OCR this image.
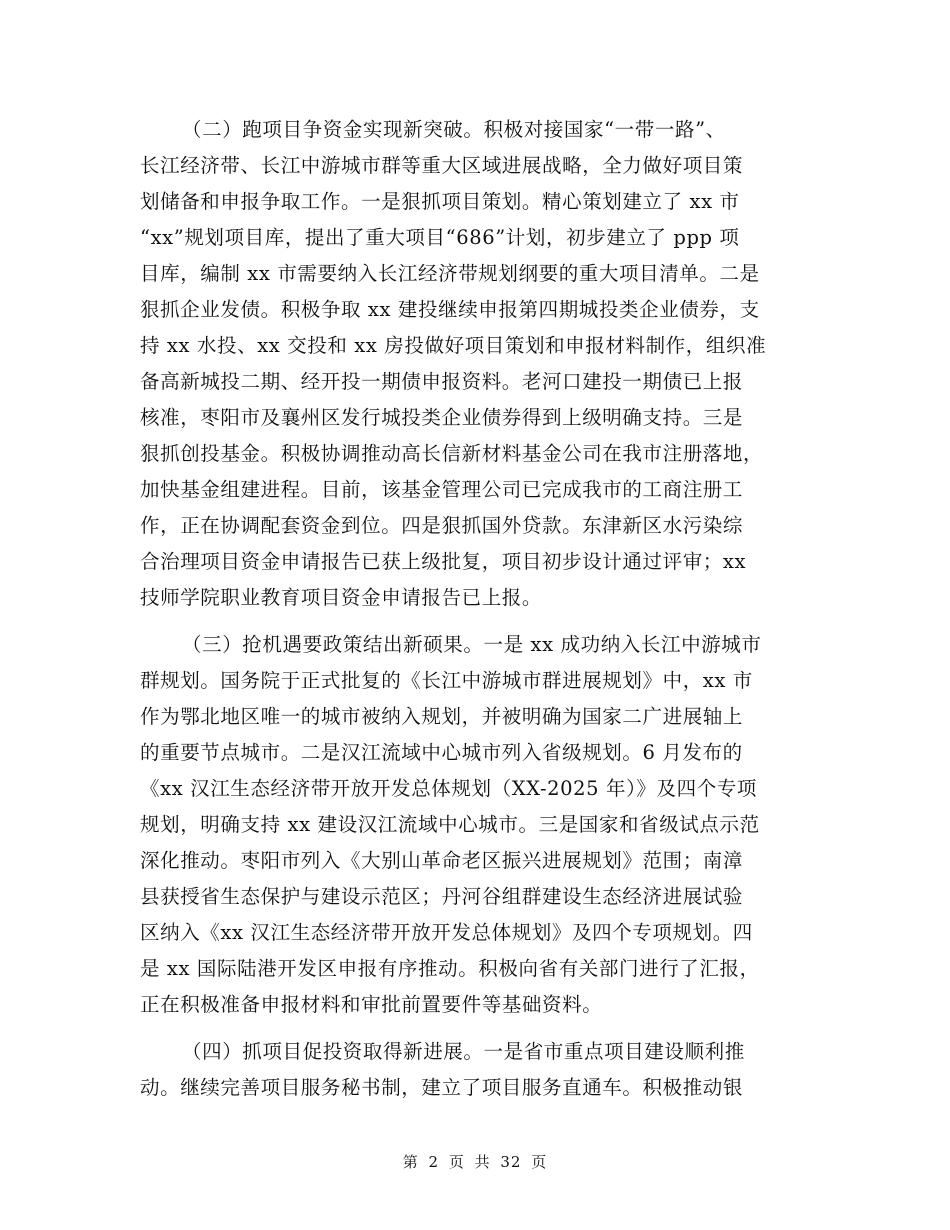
（二）跑项目争资金实现新突破。积极对接国家“一带一路”、
长江经济带、长江中游城市群等重大区域进展战略，全力做好项目策
划储备和申报争取工作。一是狠抓项目策划。精心策划建立了 xx 市
“xx”规划项目库，提出了重大项目“686”计划，初步建立了 ppp 项
目库，编制 xx 市需要纳入长江经济带规划纲要的重大项目清单。二是
狠抓企业发债。积极争取 xx 建投继续申报第四期城投类企业债券，支
持 xx 水投、xx 交投和 xx 房投做好项目策划和申报材料制作，组织准
备高新城投二期、经开投一期债申报资料。老河口建投一期债已上报
核准，枣阳市及襄州区发行城投类企业债券得到上级明确支持。三是
狠抓创投基金。积极协调推动高长信新材料基金公司在我市注册落地，
加快基金组建进程。目前，该基金管理公司已完成我市的工商注册工
作，正在协调配套资金到位。四是狠抓国外贷款。东津新区水污染综
合治理项目资金申请报告已获上级批复，项目初步设计通过评审；xx
技师学院职业教育项目资金申请报告已上报。
（三）抢机遇要政策结出新硕果。一是 xx 成功纳入长江中游城市
群规划。国务院于正式批复的《长江中游城市群进展规划》中，xx 市
作为鄂北地区唯一的城市被纳入规划，并被明确为国家二广进展轴上
的重要节点城市。二是汉江流域中心城市列入省级规划。6 月发布的
《xx 汉江生态经济带开放开发总体规划（XX-2025 年）》及四个专项
规划，明确支持 xx 建设汉江流域中心城市。三是国家和省级试点示范
深化推动。枣阳市列入《大别山革命老区振兴进展规划》范围；南漳
县获授省生态保护与建设示范区；丹河谷组群建设生态经济进展试验
区纳入《xx 汉江生态经济带开放开发总体规划》及四个专项规划。四
是 xx 国际陆港开发区申报有序推动。积极向省有关部门进行了汇报，
正在积极准备申报材料和审批前置要件等基础资料。
（四）抓项目促投资取得新进展。一是省市重点项目建设顺利推
动。继续完善项目服务秘书制，建立了项目服务直通车。积极推动银
第 2 页 共 32 页
